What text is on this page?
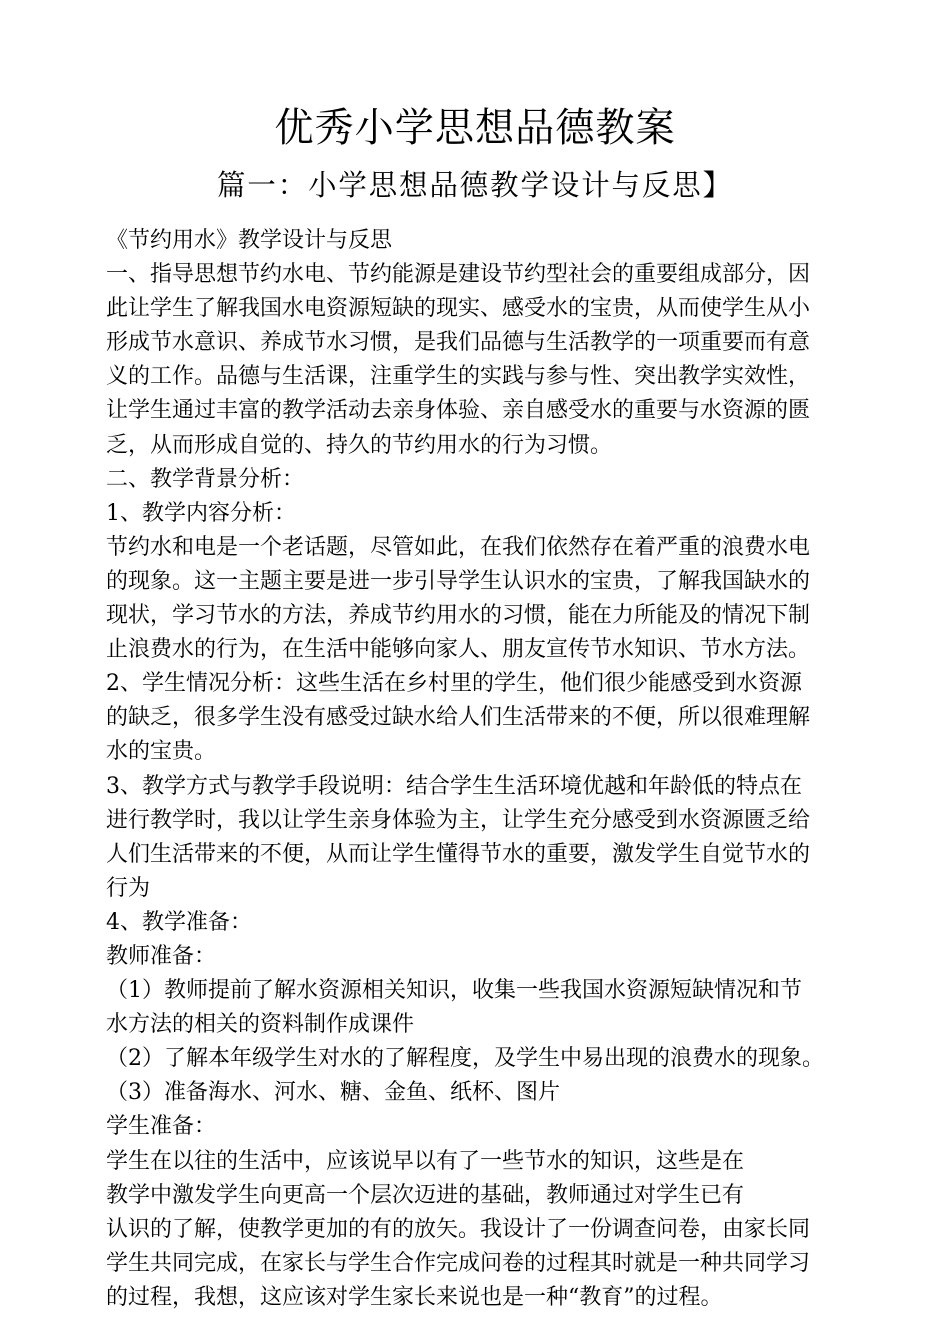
优秀小学思想品德教案
篇一：小学思想品德教学设计与反思】
《节约用水》教学设计与反思
一、指导思想节约水电、节约能源是建设节约型社会的重要组成部分，因
此让学生了解我国水电资源短缺的现实、感受水的宝贵，从而使学生从小
形成节水意识、养成节水习惯，是我们品德与生活教学的一项重要而有意
义的工作。品德与生活课，注重学生的实践与参与性、突出教学实效性，
让学生通过丰富的教学活动去亲身体验、亲自感受水的重要与水资源的匮
乏，从而形成自觉的、持久的节约用水的行为习惯。
二、教学背景分析：
1、教学内容分析：
节约水和电是一个老话题，尽管如此，在我们依然存在着严重的浪费水电
的现象。这一主题主要是进一步引导学生认识水的宝贵，了解我国缺水的
现状，学习节水的方法，养成节约用水的习惯，能在力所能及的情况下制
止浪费水的行为，在生活中能够向家人、朋友宣传节水知识、节水方法。
2、学生情况分析：这些生活在乡村里的学生，他们很少能感受到水资源
的缺乏，很多学生没有感受过缺水给人们生活带来的不便，所以很难理解
水的宝贵。
3、教学方式与教学手段说明：结合学生生活环境优越和年龄低的特点在
进行教学时，我以让学生亲身体验为主，让学生充分感受到水资源匮乏给
人们生活带来的不便，从而让学生懂得节水的重要，激发学生自觉节水的
行为
4、教学准备：
教师准备：
（1）教师提前了解水资源相关知识，收集一些我国水资源短缺情况和节
水方法的相关的资料制作成课件
（2）了解本年级学生对水的了解程度，及学生中易出现的浪费水的现象。
（3）准备海水、河水、糖、金鱼、纸杯、图片
学生准备：
学生在以往的生活中，应该说早以有了一些节水的知识，这些是在
教学中激发学生向更高一个层次迈进的基础，教师通过对学生已有
认识的了解，使教学更加的有的放矢。我设计了一份调查问卷，由家长同
学生共同完成，在家长与学生合作完成问卷的过程其时就是一种共同学习
的过程，我想，这应该对学生家长来说也是一种“教育”的过程。
